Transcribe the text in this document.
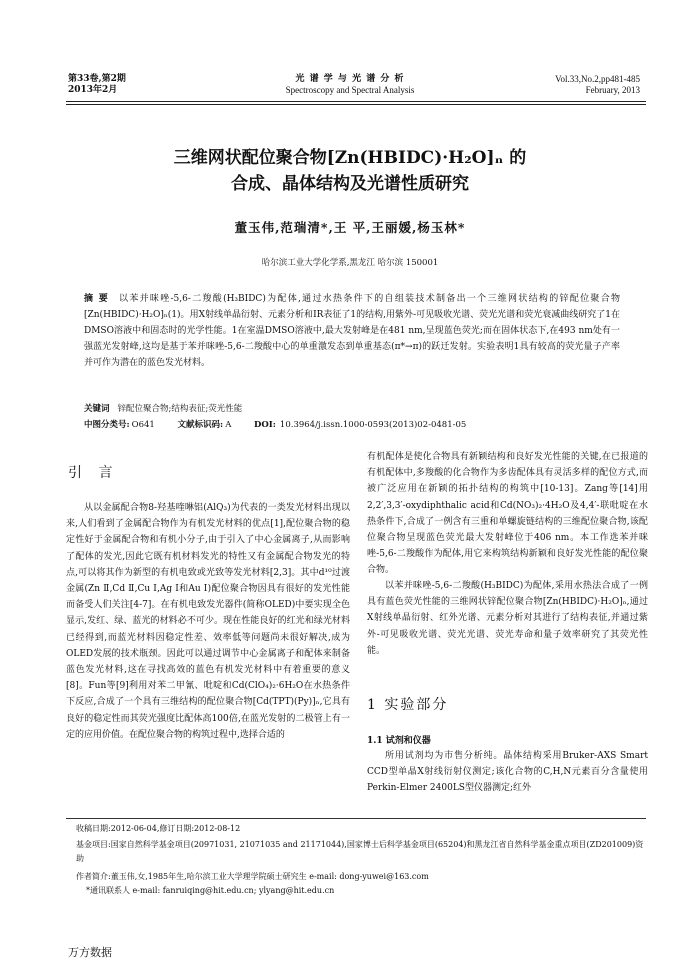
第33卷,第2期
2013年2月
光 谱 学 与 光 谱 分 析
Spectroscopy and Spectral Analysis
Vol.33,No.2,pp481-485
February, 2013
三维网状配位聚合物[Zn(HBIDC)·H₂O]ₙ 的
合成、晶体结构及光谱性质研究
董玉伟,范瑞清*,王 平,王丽媛,杨玉林*
哈尔滨工业大学化学系,黑龙江 哈尔滨 150001
摘 要 以苯并咪唑-5,6-二羧酸(H₃BIDC)为配体,通过水热条件下的自组装技术制备出一个三维网状结构的锌配位聚合物[Zn(HBIDC)·H₂O]ₙ(1)。用X射线单晶衍射、元素分析和IR表征了1的结构,用紫外-可见吸收光谱、荧光光谱和荧光衰减曲线研究了1在DMSO溶液中和固态时的光学性能。1在室温DMSO溶液中,最大发射峰是在481 nm,呈现蓝色荧光;而在固体状态下,在493 nm处有一强蓝光发射峰,这均是基于苯并咪唑-5,6-二羧酸中心的单重激发态到单重基态(π*→π)的跃迁发射。实验表明1具有较高的荧光量子产率并可作为潜在的蓝色发光材料。
关键词 锌配位聚合物;结构表征;荧光性能
中图分类号: O641	文献标识码: A	DOI: 10.3964/j.issn.1000-0593(2013)02-0481-05
引 言
从以金属配合物8-羟基喹啉铝(AlQ₃)为代表的一类发光材料出现以来,人们看到了金属配合物作为有机发光材料的优点[1],配位聚合物的稳定性好于金属配合物和有机小分子,由于引入了中心金属离子,从而影响了配体的发光,因此它既有机材料发光的特性又有金属配合物发光的特点,可以将其作为新型的有机电致或光致等发光材料[2,3]。其中d¹⁰过渡金属(Zn Ⅱ,Cd Ⅱ,Cu Ⅰ,Ag Ⅰ和Au Ⅰ)配位聚合物因具有很好的发光性能而备受人们关注[4-7]。在有机电致发光器件(简称OLED)中要实现全色显示,发红、绿、蓝光的材料必不可少。现在性能良好的红光和绿光材料已经得到,而蓝光材料因稳定性差、效率低等问题尚未很好解决,成为OLED发展的技术瓶颈。因此可以通过调节中心金属离子和配体来制备蓝色发光材料,这在寻找高效的蓝色有机发光材料中有着重要的意义[8]。Fun等[9]利用对苯二甲氰、吡啶和Cd(ClO₄)₂·6H₂O在水热条件下反应,合成了一个具有三维结构的配位聚合物[Cd(TPT)(Py)]ₙ,它具有良好的稳定性而其荧光强度比配体高100倍,在蓝光发射的二极管上有一定的应用价值。在配位聚合物的构筑过程中,选择合适的
有机配体是使化合物具有新颖结构和良好发光性能的关键,在已报道的有机配体中,多羧酸的化合物作为多齿配体具有灵活多样的配位方式,而被广泛应用在新颖的拓扑结构的构筑中[10-13]。Zang等[14]用2,2′,3,3′-oxydiphthalic acid和Cd(NO₃)₂·4H₂O及4,4′-联吡啶在水热条件下,合成了一例含有三重和单螺旋链结构的三维配位聚合物,该配位聚合物呈现蓝色荧光最大发射峰位于406 nm。本工作选苯并咪唑-5,6-二羧酸作为配体,用它来构筑结构新颖和良好发光性能的配位聚合物。
以苯并咪唑-5,6-二羧酸(H₃BIDC)为配体,采用水热法合成了一例具有蓝色荧光性能的三维网状锌配位聚合物[Zn(HBIDC)·H₂O]ₙ,通过X射线单晶衍射、红外光谱、元素分析对其进行了结构表征,并通过紫外-可见吸收光谱、荧光光谱、荧光寿命和量子效率研究了其荧光性能。
1 实验部分
1.1 试剂和仪器
所用试剂均为市售分析纯。晶体结构采用Bruker-AXS Smart CCD型单晶X射线衍射仪测定;该化合物的C,H,N元素百分含量使用Perkin-Elmer 2400LS型仪器测定;红外
收稿日期:2012-06-04,修订日期:2012-08-12
基金项目:国家自然科学基金项目(20971031, 21071035 and 21171044),国家博士后科学基金项目(65204)和黑龙江省自然科学基金重点项目(ZD201009)资助
作者简介:董玉伟,女,1985年生,哈尔滨工业大学理学院硕士研究生 e-mail: dong-yuwei@163.com
*通讯联系人 e-mail: fanruiqing@hit.edu.cn; ylyang@hit.edu.cn
万方数据
